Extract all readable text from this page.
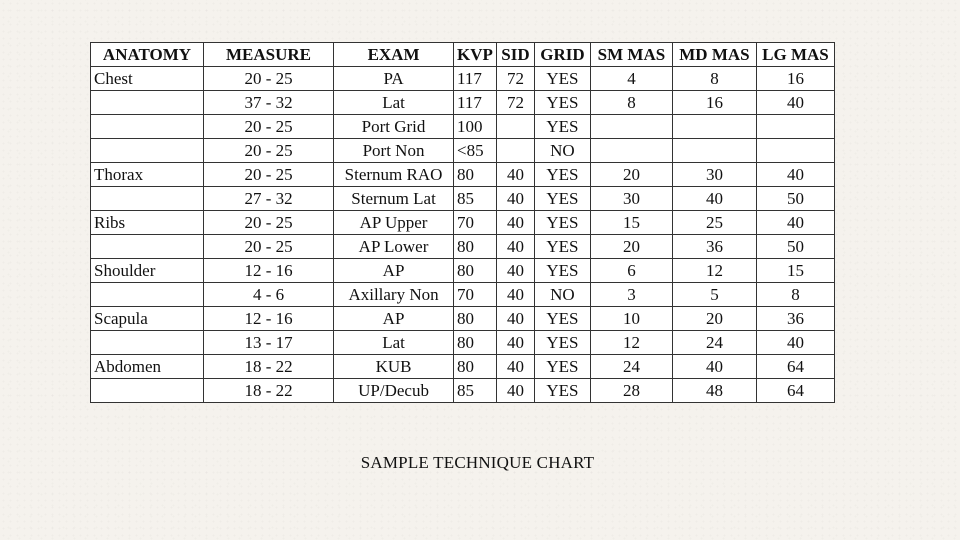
ANATOMY	MEASURE	EXAM	KVP	SID	GRID	SM MAS	MD MAS	LG MAS
Chest	20 - 25	PA	117	72	YES	4	8	16
	37 - 32	Lat	117	72	YES	8	16	40
	20 - 25	Port Grid	100		YES			
	20 - 25	Port Non	<85		NO			
Thorax	20 - 25	Sternum RAO	80	40	YES	20	30	40
	27 - 32	Sternum Lat	85	40	YES	30	40	50
Ribs	20 - 25	AP Upper	70	40	YES	15	25	40
	20 - 25	AP Lower	80	40	YES	20	36	50
Shoulder	12 - 16	AP	80	40	YES	6	12	15
	4 - 6	Axillary Non	70	40	NO	3	5	8
Scapula	12 - 16	AP	80	40	YES	10	20	36
	13 - 17	Lat	80	40	YES	12	24	40
Abdomen	18 - 22	KUB	80	40	YES	24	40	64
	18 - 22	UP/Decub	85	40	YES	28	48	64
SAMPLE TECHNIQUE CHART
